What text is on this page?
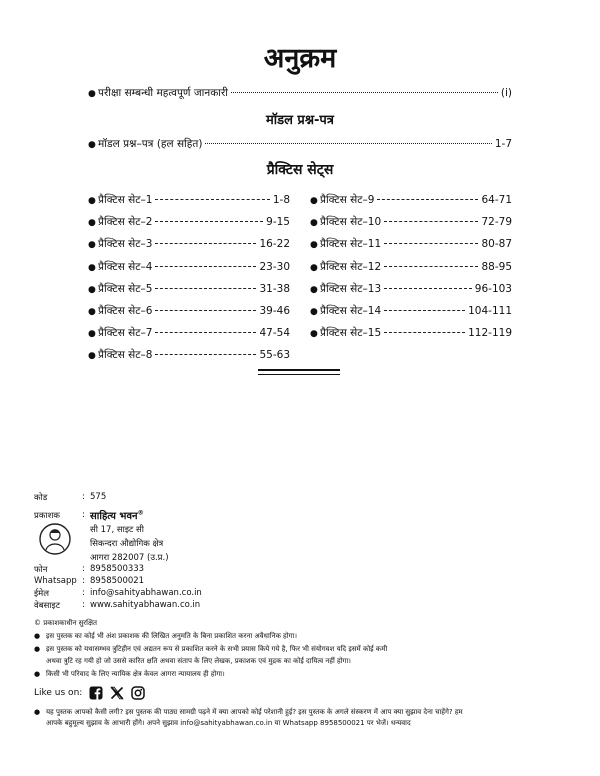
अनुक्रम
● परीक्षा सम्बन्धी महत्वपूर्ण जानकारी	(i)
मॉडल प्रश्न-पत्र
● मॉडल प्रश्न–पत्र (हल सहित)	1-7
प्रैक्टिस सेट्स
● प्रैक्टिस सेट–1	1-8
● प्रैक्टिस सेट–2	9-15
● प्रैक्टिस सेट–3	16-22
● प्रैक्टिस सेट–4	23-30
● प्रैक्टिस सेट–5	31-38
● प्रैक्टिस सेट–6	39-46
● प्रैक्टिस सेट–7	47-54
● प्रैक्टिस सेट–8	55-63
● प्रैक्टिस सेट–9	64-71
● प्रैक्टिस सेट–10	72-79
● प्रैक्टिस सेट–11	80-87
● प्रैक्टिस सेट–12	88-95
● प्रैक्टिस सेट–13	96-103
● प्रैक्टिस सेट–14	104-111
● प्रैक्टिस सेट–15	112-119
कोड	: 575
प्रकाशक	: साहित्य भवन®
सी 17, साइट सी
सिकन्दरा औद्योगिक क्षेत्र
आगरा 282007 (उ.प्र.)
फोन	: 8958500333
Whatsapp : 8958500021
ईमेल	: info@sahityabhawan.co.in
वेबसाइट	: www.sahityabhawan.co.in
© प्रकाशकाधीन सुरक्षित
● इस पुस्तक का कोई भी अंश प्रकाशक की लिखित अनुमति के बिना प्रकाशित करना अवैधानिक होगा।
● इस पुस्तक को यथासम्भव त्रुटिहीन एवं अद्यतन रूप से प्रकाशित करने के सभी प्रयास किये गये है, फिर भी संयोगवश यदि इसमें कोई कमी
अथवा त्रुटि रह गयी हो जो उससे कारित क्षति अथवा संताप के लिए लेखक, प्रकाशक एवं मुद्रक का कोई दायित्व नहीं होगा।
● किसी भी परिवाद के लिए न्यायिक क्षेत्र केवल आगरा न्यायालय ही होगा।
Like us on:
● यह पुस्तक आपको कैसी लगी? इस पुस्तक की पाठ्य सामग्री पढ़ने में क्या आपको कोई परेशानी हुई? इस पुस्तक के अगले संस्करण में आप क्या सुझाव देना चाहेंगे? हम
आपके बहुमूल्य सुझाव के आभारी होंगे। अपने सुझाव info@sahityabhawan.co.in या Whatsapp 8958500021 पर भेजें। धन्यवाद
